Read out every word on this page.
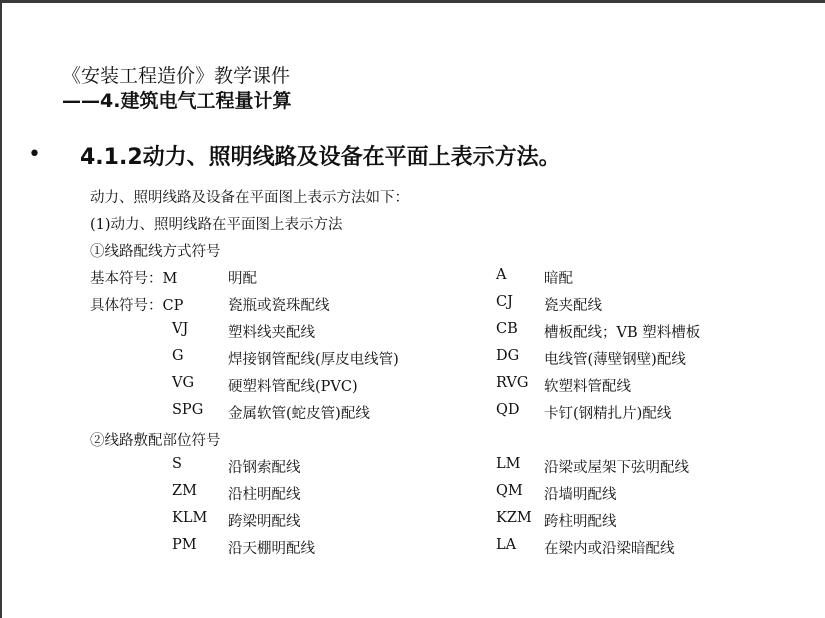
《安装工程造价》教学课件
——4.建筑电气工程量计算
• 4.1.2动力、照明线路及设备在平面上表示方法。
动力、照明线路及设备在平面图上表示方法如下：
(1)动力、照明线路在平面图上表示方法
①线路配线方式符号
基本符号：M	明配	A	暗配
具体符号：CP	瓷瓶或瓷珠配线	CJ 瓷夹配线
VJ	塑料线夹配线	CB 槽板配线；VB 塑料槽板
G	焊接钢管配线(厚皮电线管)	DG 电线管(薄壁钢壁)配线
VG 硬塑料管配线(PVC)	RVG 软塑料管配线
SPG 金属软管(蛇皮管)配线	QD 卡钉(钢精扎片)配线
②线路敷配部位符号
S	沿钢索配线	LM 沿梁或屋架下弦明配线
ZM 沿柱明配线	QM 沿墙明配线
KLM 跨梁明配线	KZM 跨柱明配线
PM 沿天棚明配线	LA 在梁内或沿梁暗配线
